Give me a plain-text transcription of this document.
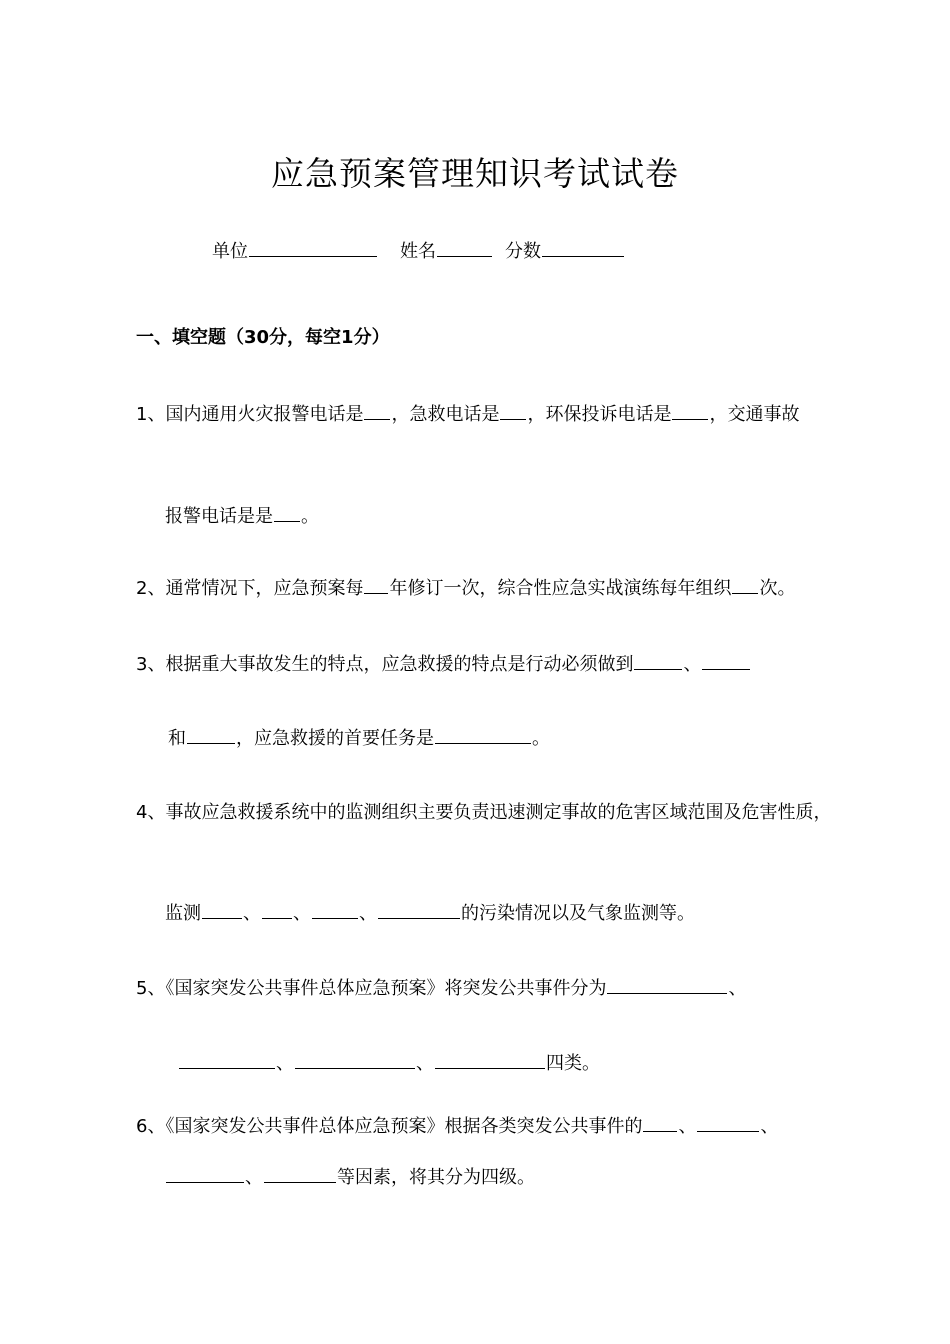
应急预案管理知识考试试卷
单位	姓名	分数
一、填空题（30分，每空1分）
1、国内通用火灾报警电话是 ，急救电话是 ，环保投诉电话是 ，交通事故
报警电话是是 。
2、通常情况下，应急预案每 年修订一次，综合性应急实战演练每年组织 次。
3、根据重大事故发生的特点，应急救援的特点是行动必须做到	、
和	，应急救援的首要任务是	。
4、事故应急救援系统中的监测组织主要负责迅速测定事故的危害区域范围及危害性质，
监测 、 、	、	的污染情况以及气象监测等。
5、《国家突发公共事件总体应急预案》将突发公共事件分为	、
、	、	四类。
6、《国家突发公共事件总体应急预案》根据各类突发公共事件的 、	、
、	等因素，将其分为四级。
